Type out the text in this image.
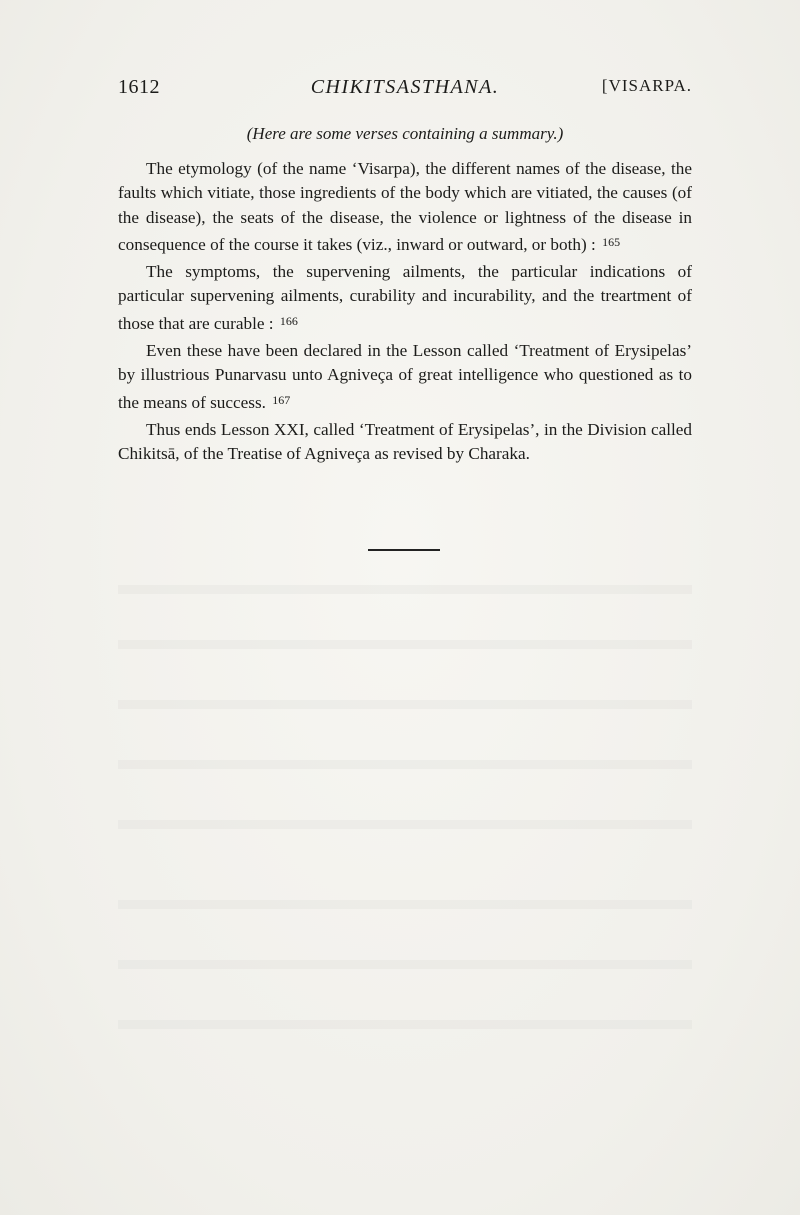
1612	CHIKITSASTHANA.	[VISARPA.
(Here are some verses containing a summary.)

The etymology (of the name ‘Visarpa), the different names of the disease, the faults which vitiate, those ingredients of the body which are vitiated, the causes (of the disease), the seats of the disease, the violence or lightness of the disease in consequence of the course it takes (viz., inward or outward, or both) : $^{165}$

The symptoms, the supervening ailments, the particular indications of particular supervening ailments, curability and incurability, and the treartment of those that are curable : $^{166}$

Even these have been declared in the Lesson called ‘Treatment of Erysipelas’ by illustrious Punarvasu unto Agniveça of great intelligence who questioned as to the means of success. $^{167}$

Thus ends Lesson XXI, called ‘Treatment of Erysipelas’, in the Division called Chikitsā, of the Treatise of Agniveça as revised by Charaka.
